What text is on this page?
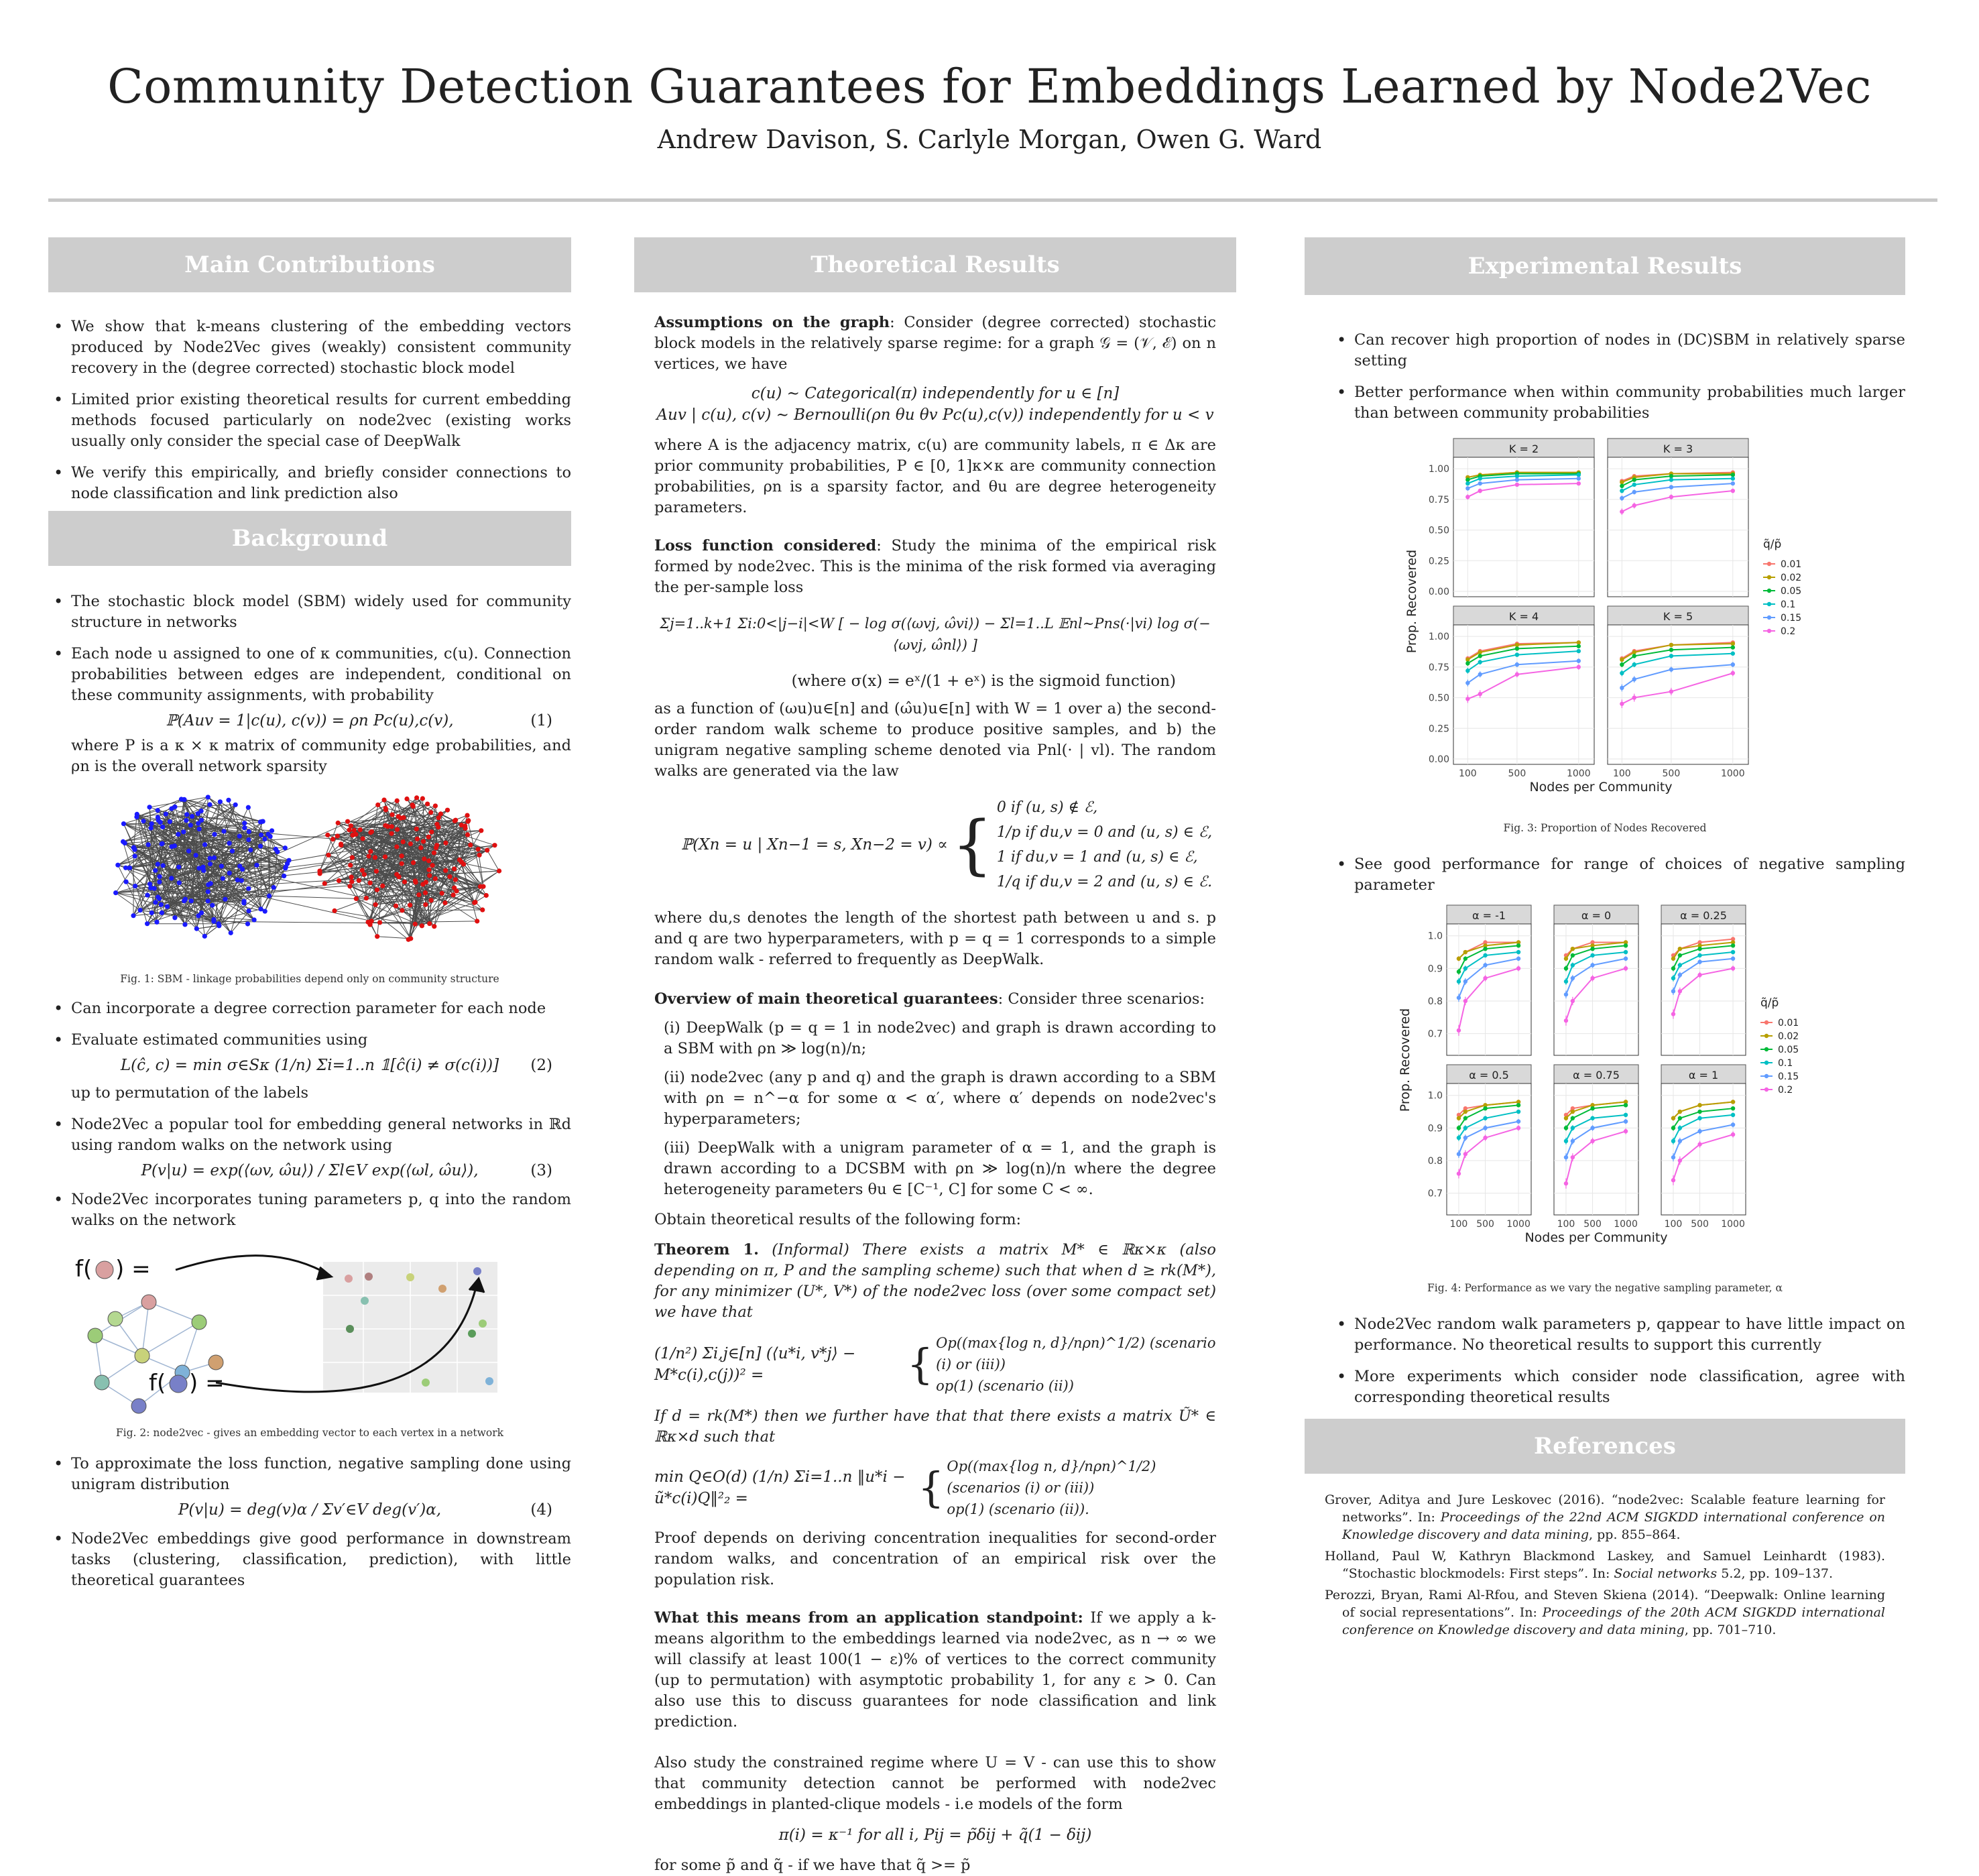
Community Detection Guarantees for Embeddings Learned by Node2Vec
Andrew Davison, S. Carlyle Morgan, Owen G. Ward
Main Contributions
• We show that k-means clustering of the embedding vectors produced by Node2Vec gives (weakly) consistent community recovery in the (degree corrected) stochastic block model
• Limited prior existing theoretical results for current embedding methods focused particularly on node2vec (existing works usually only consider the special case of DeepWalk
• We verify this empirically, and briefly consider connections to node classification and link prediction also
Background
• The stochastic block model (SBM) widely used for community structure in networks
• Each node u assigned to one of κ communities, c(u). Connection probabilities between edges are independent, conditional on these community assignments, with probability
ℙ(Auv = 1|c(u), c(v)) = ρn Pc(u),c(v),	(1)
where P is a κ × κ matrix of community edge probabilities, and ρn is the overall network sparsity
Fig. 1: SBM - linkage probabilities depend only on community structure
• Can incorporate a degree correction parameter for each node
• Evaluate estimated communities using
L(ĉ, c) = min σ∈Sκ (1/n) Σi=1..n 𝟙[ĉ(i) ≠ σ(c(i))] (2)
up to permutation of the labels
• Node2Vec a popular tool for embedding general networks in ℝd using random walks on the network using
P(v|u) = exp(⟨ωv, ω̂u⟩) / Σl∈V exp(⟨ωl, ω̂u⟩),	(3)
• Node2Vec incorporates tuning parameters p, q into the random walks on the network
f( ) =
f( ) =
Fig. 2: node2vec - gives an embedding vector to each vertex in a network
• To approximate the loss function, negative sampling done using unigram distribution
P(v|u) = deg(v)α / Σv′∈V deg(v′)α,	(4)
• Node2Vec embeddings give good performance in downstream tasks (clustering, classification, prediction), with little theoretical guarantees
Theoretical Results
Assumptions on the graph: Consider (degree corrected) stochastic block models in the relatively sparse regime: for a graph 𝒢 = (𝒱, ℰ) on n vertices, we have
c(u) ∼ Categorical(π) independently for u ∈ [n]
Auv | c(u), c(v) ∼ Bernoulli(ρn θu θv Pc(u),c(v)) independently for u < v
where A is the adjacency matrix, c(u) are community labels, π ∈ Δκ are prior community probabilities, P ∈ [0, 1]κ×κ are community connection probabilities, ρn is a sparsity factor, and θu are degree heterogeneity parameters.
Loss function considered: Study the minima of the empirical risk formed by node2vec. This is the minima of the risk formed via averaging the per-sample loss
Σj=1..k+1 Σi:0<|j−i|<W [ − log σ(⟨ωvj, ω̂vi⟩) − Σl=1..L 𝔼nl∼Pns(·|vi) log σ(−⟨ωvj, ω̂nl⟩) ]
(where σ(x) = eˣ/(1 + eˣ) is the sigmoid function)
as a function of (ωu)u∈[n] and (ω̂u)u∈[n] with W = 1 over a) the second-order random walk scheme to produce positive samples, and b) the unigram negative sampling scheme denoted via Pnl(· | vl). The random walks are generated via the law
ℙ(Xn = u | Xn−1 = s, Xn−2 = v) ∝ { 0 if (u, s) ∉ ℰ,
1/p if du,v = 0 and (u, s) ∈ ℰ,
1 if du,v = 1 and (u, s) ∈ ℰ,
1/q if du,v = 2 and (u, s) ∈ ℰ.
where du,s denotes the length of the shortest path between u and s. p and q are two hyperparameters, with p = q = 1 corresponds to a simple random walk - referred to frequently as DeepWalk.
Overview of main theoretical guarantees: Consider three scenarios:
(i) DeepWalk (p = q = 1 in node2vec) and graph is drawn according to a SBM with ρn ≫ log(n)/n;
(ii) node2vec (any p and q) and the graph is drawn according to a SBM with ρn = n^−α for some α < α′, where α′ depends on node2vec's hyperparameters;
(iii) DeepWalk with a unigram parameter of α = 1, and the graph is drawn according to a DCSBM with ρn ≫ log(n)/n where the degree heterogeneity parameters θu ∈ [C⁻¹, C] for some C < ∞.
Obtain theoretical results of the following form:
Theorem 1. (Informal) There exists a matrix M* ∈ ℝκ×κ (also depending on π, P and the sampling scheme) such that when d ≥ rk(M*), for any minimizer (U*, V*) of the node2vec loss (over some compact set) we have that
(1/n²) Σi,j∈[n] (⟨u*i, v*j⟩ − M*c(i),c(j))² =	{ Op((max{log n, d}/nρn)^1/2) (scenario (i) or (iii))
op(1) (scenario (ii))
If d = rk(M*) then we further have that that there exists a matrix Ũ* ∈ ℝκ×d such that
min Q∈O(d) (1/n) Σi=1..n ‖u*i − ũ*c(i)Q‖²₂ =	{ Op((max{log n, d}/nρn)^1/2) (scenarios (i) or (iii))
op(1) (scenario (ii)).
Proof depends on deriving concentration inequalities for second-order random walks, and concentration of an empirical risk over the population risk.
What this means from an application standpoint: If we apply a k-means algorithm to the embeddings learned via node2vec, as n → ∞ we will classify at least 100(1 − ε)% of vertices to the correct community (up to permutation) with asymptotic probability 1, for any ε > 0. Can also use this to discuss guarantees for node classification and link prediction.
Also study the constrained regime where U = V - can use this to show that community detection cannot be performed with node2vec embeddings in planted-clique models - i.e models of the form
π(i) = κ⁻¹ for all i, Pij = p̃δij + q̃(1 − δij)
for some p̃ and q̃ - if we have that q̃ >= p̃
Experimental Results
• Can recover high proportion of nodes in (DC)SBM in relatively sparse setting
• Better performance when within community probabilities much larger than between community probabilities
K = 2
0.00
0.25
0.50
0.75
1.00
K = 3
K = 4
0.00
0.25
0.50
0.75
1.00
100	500	1000
K = 5
100	500	1000
Nodes per Community
Prop. Recovered
q̃/p̃
0.01
0.02
0.05
0.1
0.15
0.2
Fig. 3: Proportion of Nodes Recovered
• See good performance for range of choices of negative sampling parameter
α = -1
0.7
0.8
0.9
1.0
α = 0	α = 0.25
α = 0.5
0.7
0.8
0.9
1.0
100 500 1000
α = 0.75
100 500 1000
α = 1
100 500 1000
Nodes per Community
Prop. Recovered
q̃/p̃
0.01
0.02
0.05
0.1
0.15
0.2
Fig. 4: Performance as we vary the negative sampling parameter, α
• Node2Vec random walk parameters p, qappear to have little impact on performance. No theoretical results to support this currently
• More experiments which consider node classification, agree with corresponding theoretical results
References
Grover, Aditya and Jure Leskovec (2016). “node2vec: Scalable feature learning for networks”. In: Proceedings of the 22nd ACM SIGKDD international conference on Knowledge discovery and data mining, pp. 855–864.
Holland, Paul W, Kathryn Blackmond Laskey, and Samuel Leinhardt (1983). “Stochastic blockmodels: First steps”. In: Social networks 5.2, pp. 109–137.
Perozzi, Bryan, Rami Al-Rfou, and Steven Skiena (2014). “Deepwalk: Online learning of social representations”. In: Proceedings of the 20th ACM SIGKDD international conference on Knowledge discovery and data mining, pp. 701–710.
